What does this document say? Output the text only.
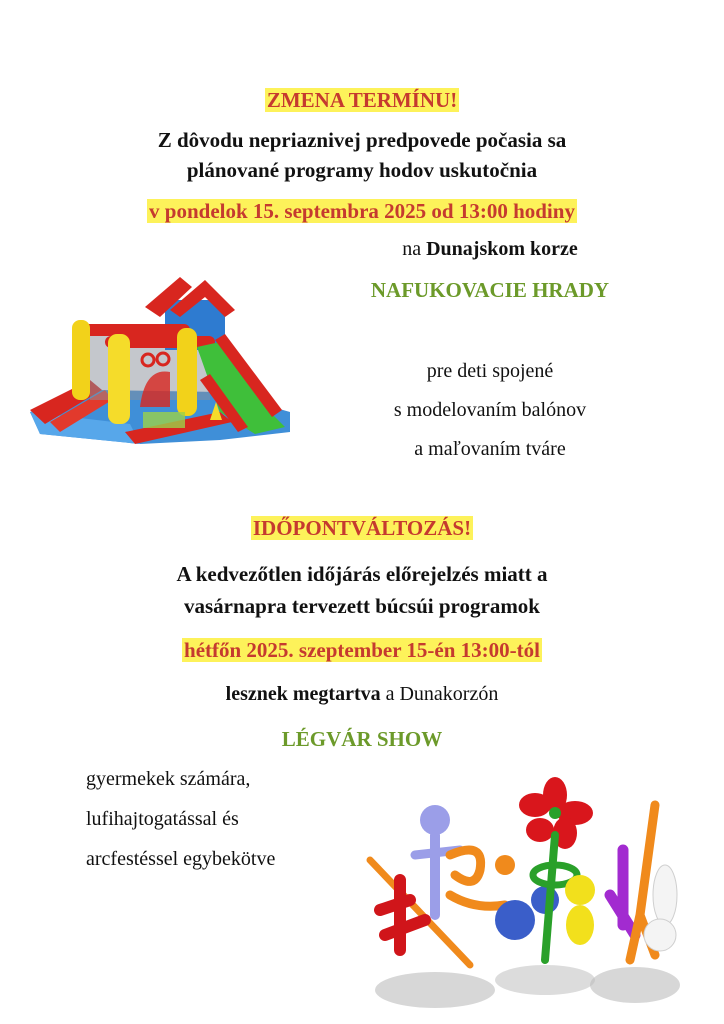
ZMENA TERMÍNU!
Z dôvodu nepriaznivej predpovede počasia sa
plánované programy hodov uskutočnia
v pondelok 15. septembra 2025 od 13:00 hodiny
na Dunajskom korze
NAFUKOVACIE HRADY
pre deti spojené
s modelovaním balónov
a maľovaním tváre
IDŐPONTVÁLTOZÁS!
A kedvezőtlen időjárás előrejelzés miatt a
vasárnapra tervezett búcsúi programok
hétfőn 2025. szeptember 15-én 13:00-tól
lesznek megtartva a Dunakorzón
LÉGVÁR SHOW
gyermekek számára,
lufihajtogatással és
arcfestéssel egybekötve
